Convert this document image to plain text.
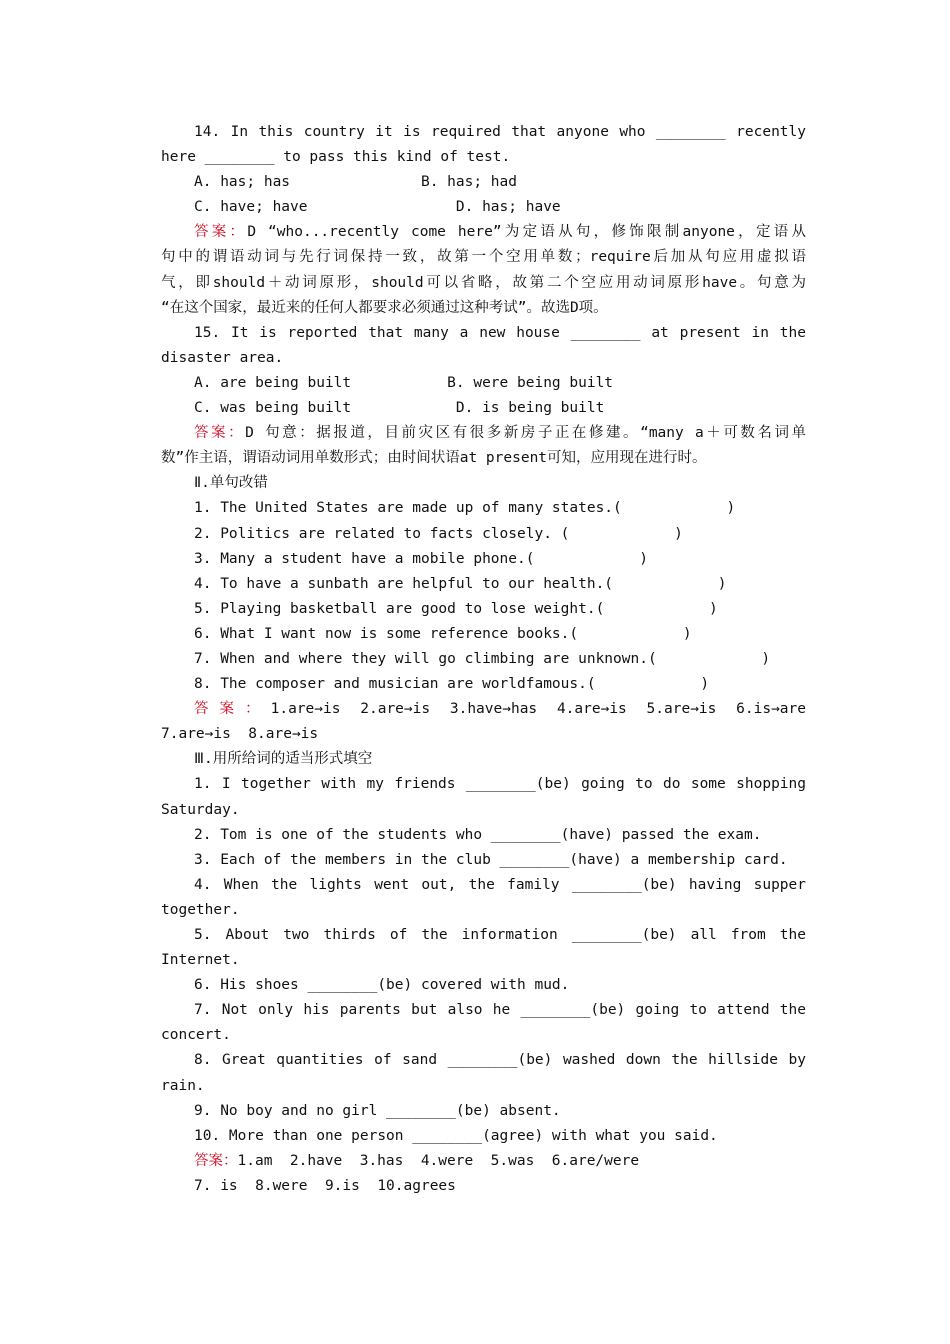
14. In this country it is required that anyone who ________ recently
here ________ to pass this kind of test.
A. has; has               B. has; had
C. have; have                 D. has; have
答案：D “who...recently come here”为定语从句，修饰限制anyone，定语从
句中的谓语动词与先行词保持一致，故第一个空用单数；require后加从句应用虚拟语
气，即should＋动词原形，should可以省略，故第二个空应用动词原形have。句意为
“在这个国家，最近来的任何人都要求必须通过这种考试”。故选D项。
15. It is reported that many a new house ________ at present in the
disaster area.
A. are being built           B. were being built
C. was being built            D. is being built
答案：D 句意：据报道，目前灾区有很多新房子正在修建。“many a＋可数名词单
数”作主语，谓语动词用单数形式；由时间状语at present可知，应用现在进行时。
Ⅱ.单句改错
1. The United States are made up of many states.(            )
2. Politics are related to facts closely. (            )
3. Many a student have a mobile phone.(            )
4. To have a sunbath are helpful to our health.(            )
5. Playing basketball are good to lose weight.(            )
6. What I want now is some reference books.(            )
7. When and where they will go climbing are unknown.(            )
8. The composer and musician are worldfamous.(            )
答案：1.are→is 2.are→is 3.have→has 4.are→is 5.are→is 6.is→are
7.are→is  8.are→is
Ⅲ.用所给词的适当形式填空
1. I together with my friends ________(be) going to do some shopping
Saturday.
2. Tom is one of the students who ________(have) passed the exam.
3. Each of the members in the club ________(have) a membership card.
4. When the lights went out, the family ________(be) having supper
together.
5. About two thirds of the information ________(be) all from the
Internet.
6. His shoes ________(be) covered with mud.
7. Not only his parents but also he ________(be) going to attend the
concert.
8. Great quantities of sand ________(be) washed down the hillside by
rain.
9. No boy and no girl ________(be) absent.
10. More than one person ________(agree) with what you said.
答案：1.am  2.have  3.has  4.were  5.was  6.are/were
7. is  8.were  9.is  10.agrees
